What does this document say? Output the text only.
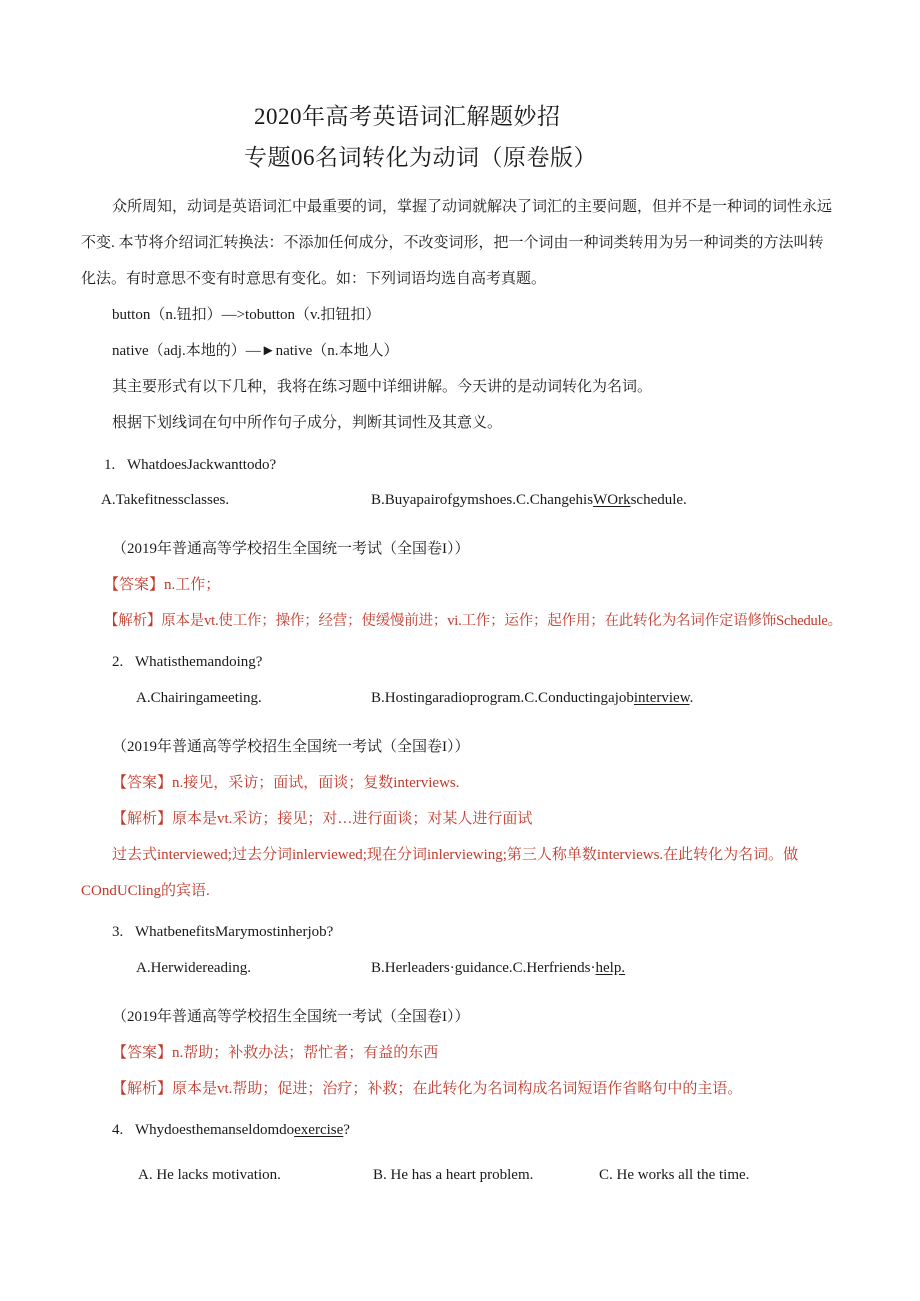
2020年高考英语词汇解题妙招
专题06名词转化为动词（原卷版）
众所周知，动词是英语词汇中最重要的词，掌握了动词就解决了词汇的主要问题，但并不是一种词的词性永远
不变. 本节将介绍词汇转换法：不添加任何成分，不改变词形，把一个词由一种词类转用为另一种词类的方法叫转
化法。有时意思不变有时意思有变化。如：下列词语均选自高考真题。
button（n.钮扣）—>tobutton（v.扣钮扣）
native（adj.本地的）—►native（n.本地人）
其主要形式有以下几种，我将在练习题中详细讲解。今天讲的是动词转化为名词。
根据下划线词在句中所作句子成分，判断其词性及其意义。
1. WhatdoesJackwanttodo?
A.Takefitnessclasses.	B.Buyapairofgymshoes.C.ChangehisWOrkschedule.
（2019年普通高等学校招生全国统一考试（全国卷I））
【答案】n.工作；
【解析】原本是vt.使工作；操作；经营；使缓慢前进；vi.工作；运作；起作用；在此转化为名词作定语修饰Schedule。
2. Whatisthemandoing?
A.Chairingameeting.	B.Hostingaradioprogram.C.Conductingajobinterview.
（2019年普通高等学校招生全国统一考试（全国卷I））
【答案】n.接见，采访；面试，面谈；复数interviews.
【解析】原本是vt.采访；接见；对…进行面谈；对某人进行面试
过去式interviewed;过去分词inlerviewed;现在分词inlerviewing;第三人称单数interviews.在此转化为名词。做
COndUCling的宾语.
3. WhatbenefitsMarymostinherjob?
A.Herwidereading.	B.Herleaders·guidance.C.Herfriends·help.
（2019年普通高等学校招生全国统一考试（全国卷I））
【答案】n.帮助；补救办法；帮忙者；有益的东西
【解析】原本是vt.帮助；促进；治疗；补救；在此转化为名词构成名词短语作省略句中的主语。
4. Whydoesthemanseldomdoexercise?
A. He lacks motivation.	B. He has a heart problem.	C. He works all the time.
